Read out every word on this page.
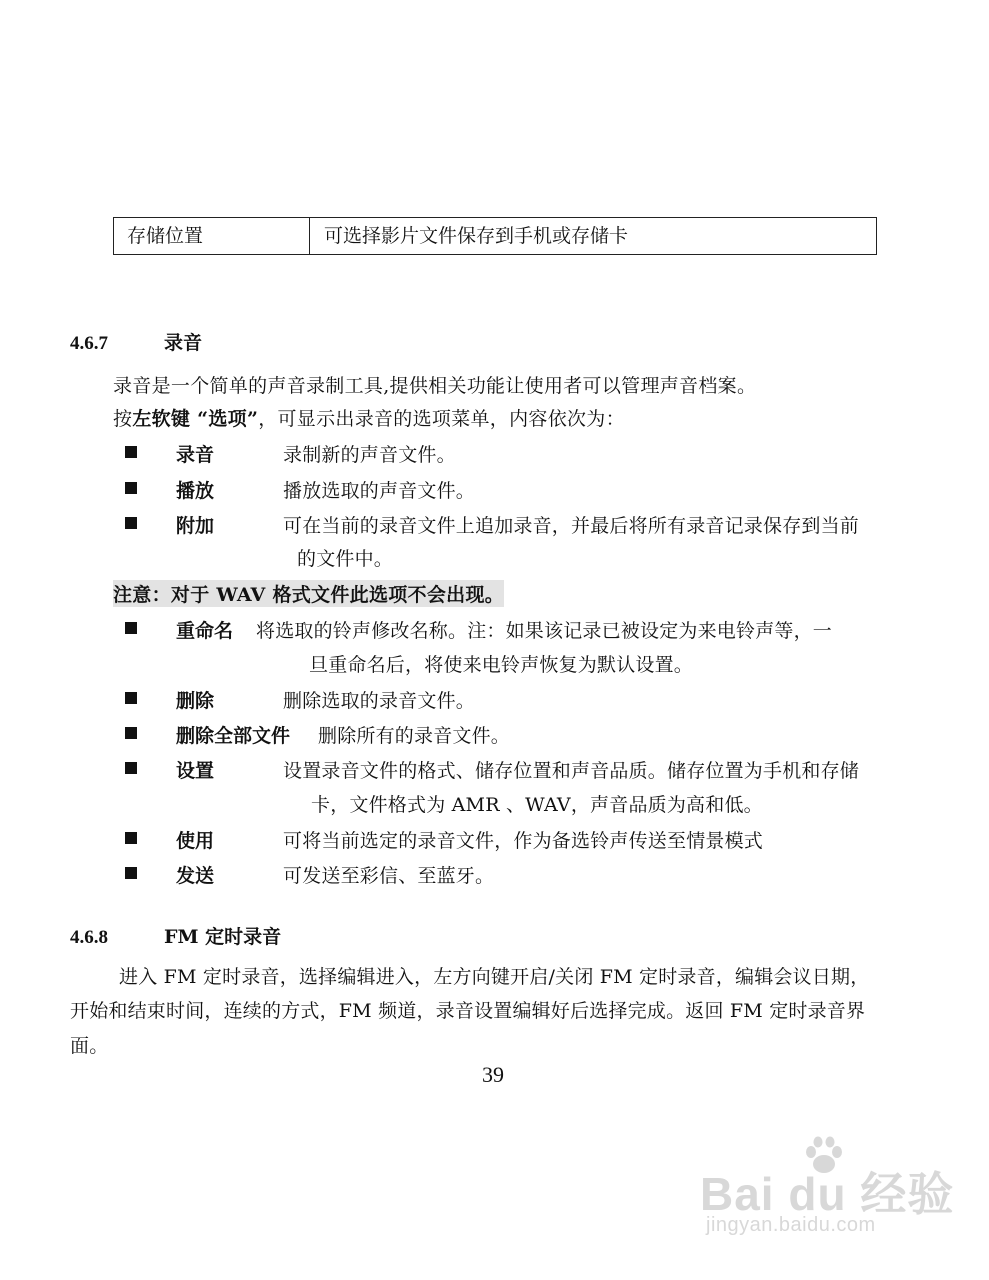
存储位置	可选择影片文件保存到手机或存储卡
4.6.7	录音
录音是一个简单的声音录制工具,提供相关功能让使用者可以管理声音档案。
按左软键 “选项”，可显示出录音的选项菜单，内容依次为：
录音	录制新的声音文件。
播放	播放选取的声音文件。
附加	可在当前的录音文件上追加录音，并最后将所有录音记录保存到当前
的文件中。
注意：对于 WAV 格式文件此选项不会出现。
重命名 将选取的铃声修改名称。注：如果该记录已被设定为来电铃声等，一
旦重命名后，将使来电铃声恢复为默认设置。
删除	删除选取的录音文件。
删除全部文件 删除所有的录音文件。
设置	设置录音文件的格式、储存位置和声音品质。储存位置为手机和存储
卡，文件格式为 AMR 、WAV，声音品质为高和低。
使用	可将当前选定的录音文件，作为备选铃声传送至情景模式
发送	可发送至彩信、至蓝牙。
4.6.8	FM 定时录音
进入 FM 定时录音，选择编辑进入，左方向键开启/关闭 FM 定时录音，编辑会议日期，
开始和结束时间，连续的方式，FM 频道，录音设置编辑好后选择完成。返回 FM 定时录音界
面。
39
Bai du 经验
jingyan.baidu.com
